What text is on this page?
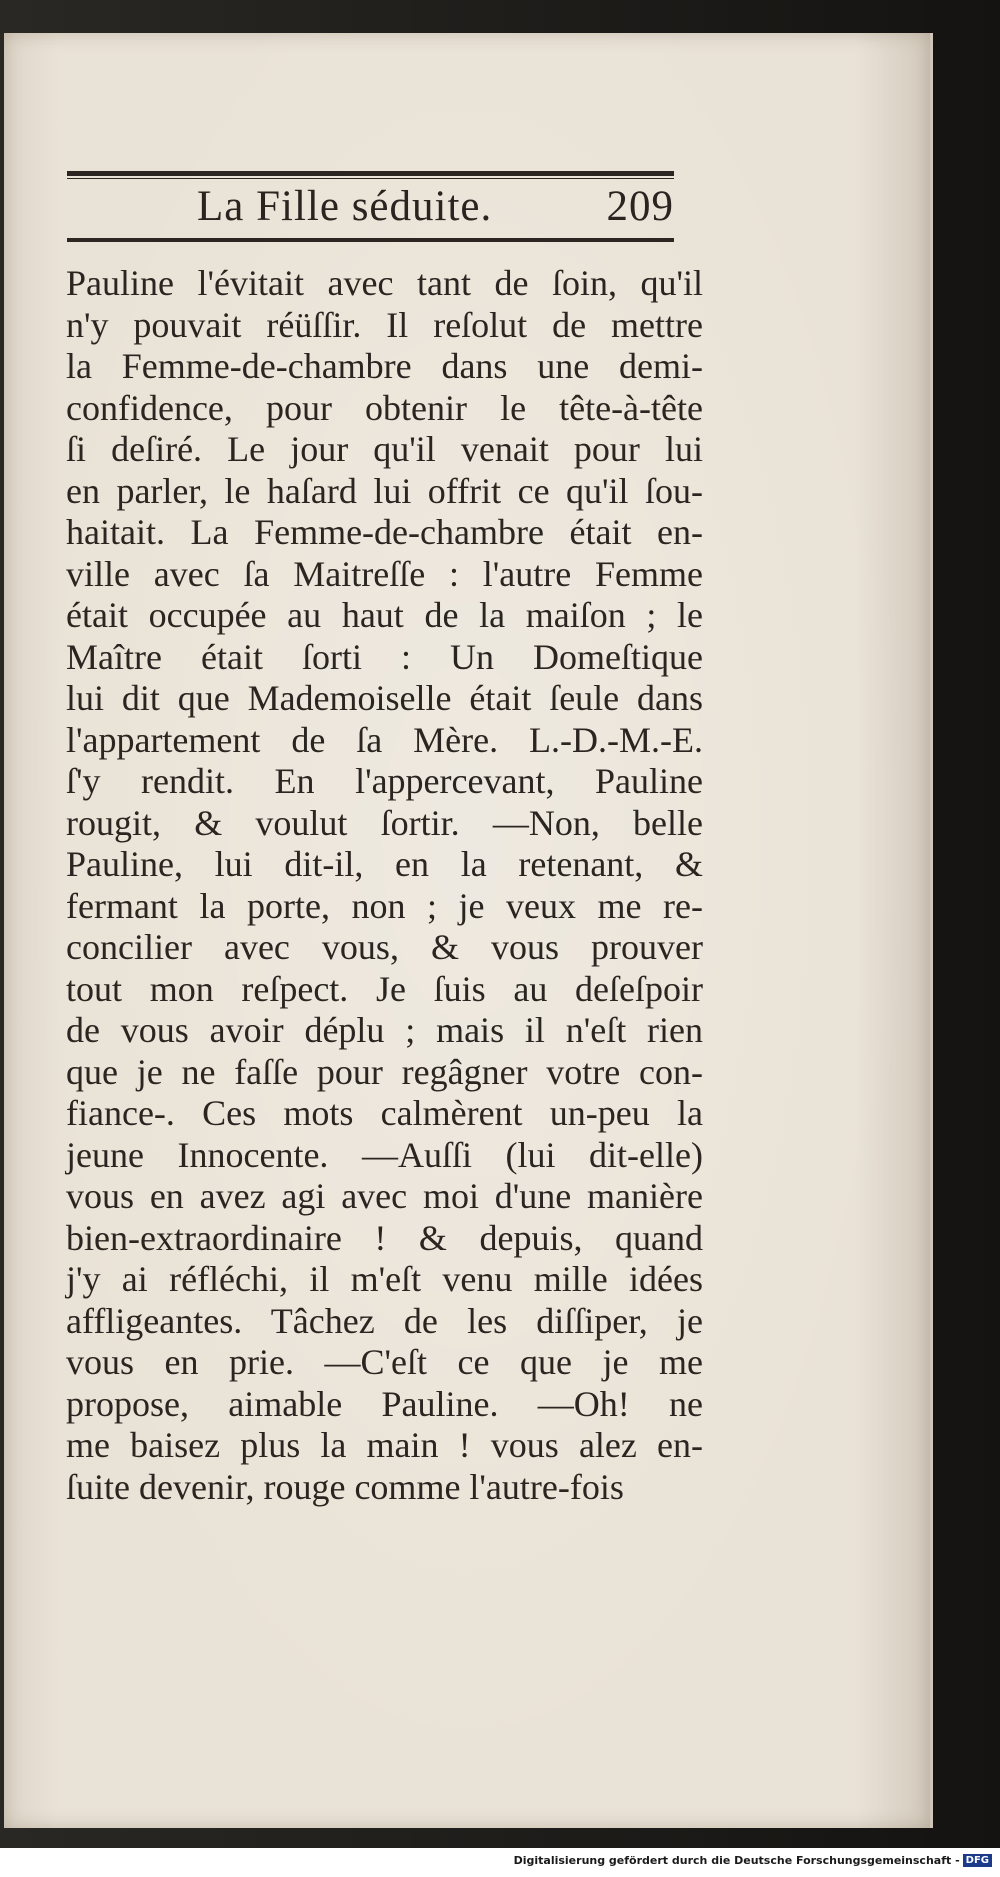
La Fille séduite.	209
Pauline l'évitait avec tant de ſoin, qu'il
n'y pouvait réüſſir. Il reſolut de mettre
la Femme-de-chambre dans une demi-
confidence, pour obtenir le tête-à-tête
ſi deſiré. Le jour qu'il venait pour lui
en parler, le haſard lui offrit ce qu'il ſou-
haitait. La Femme-de-chambre était en-
ville avec ſa Maitreſſe : l'autre Femme
était occupée au haut de la maiſon ; le
Maître était ſorti : Un Domeſtique
lui dit que Mademoiselle était ſeule dans
l'appartement de ſa Mère. L.-D.-M.-E.
ſ'y rendit. En l'appercevant, Pauline
rougit, & voulut ſortir. —Non, belle
Pauline, lui dit-il, en la retenant, &
fermant la porte, non ; je veux me re-
concilier avec vous, & vous prouver
tout mon reſpect. Je ſuis au deſeſpoir
de vous avoir déplu ; mais il n'eſt rien
que je ne faſſe pour regâgner votre con-
fiance-. Ces mots calmèrent un-peu la
jeune Innocente. —Auſſi (lui dit-elle)
vous en avez agi avec moi d'une manière
bien-extraordinaire ! & depuis, quand
j'y ai réfléchi, il m'eſt venu mille idées
affligeantes. Tâchez de les diſſiper, je
vous en prie. —C'eſt ce que je me
propose, aimable Pauline. —Oh! ne
me baisez plus la main ! vous alez en-
ſuite devenir, rouge comme l'autre-fois
Digitalisierung gefördert durch die Deutsche Forschungsgemeinschaft - DFG
